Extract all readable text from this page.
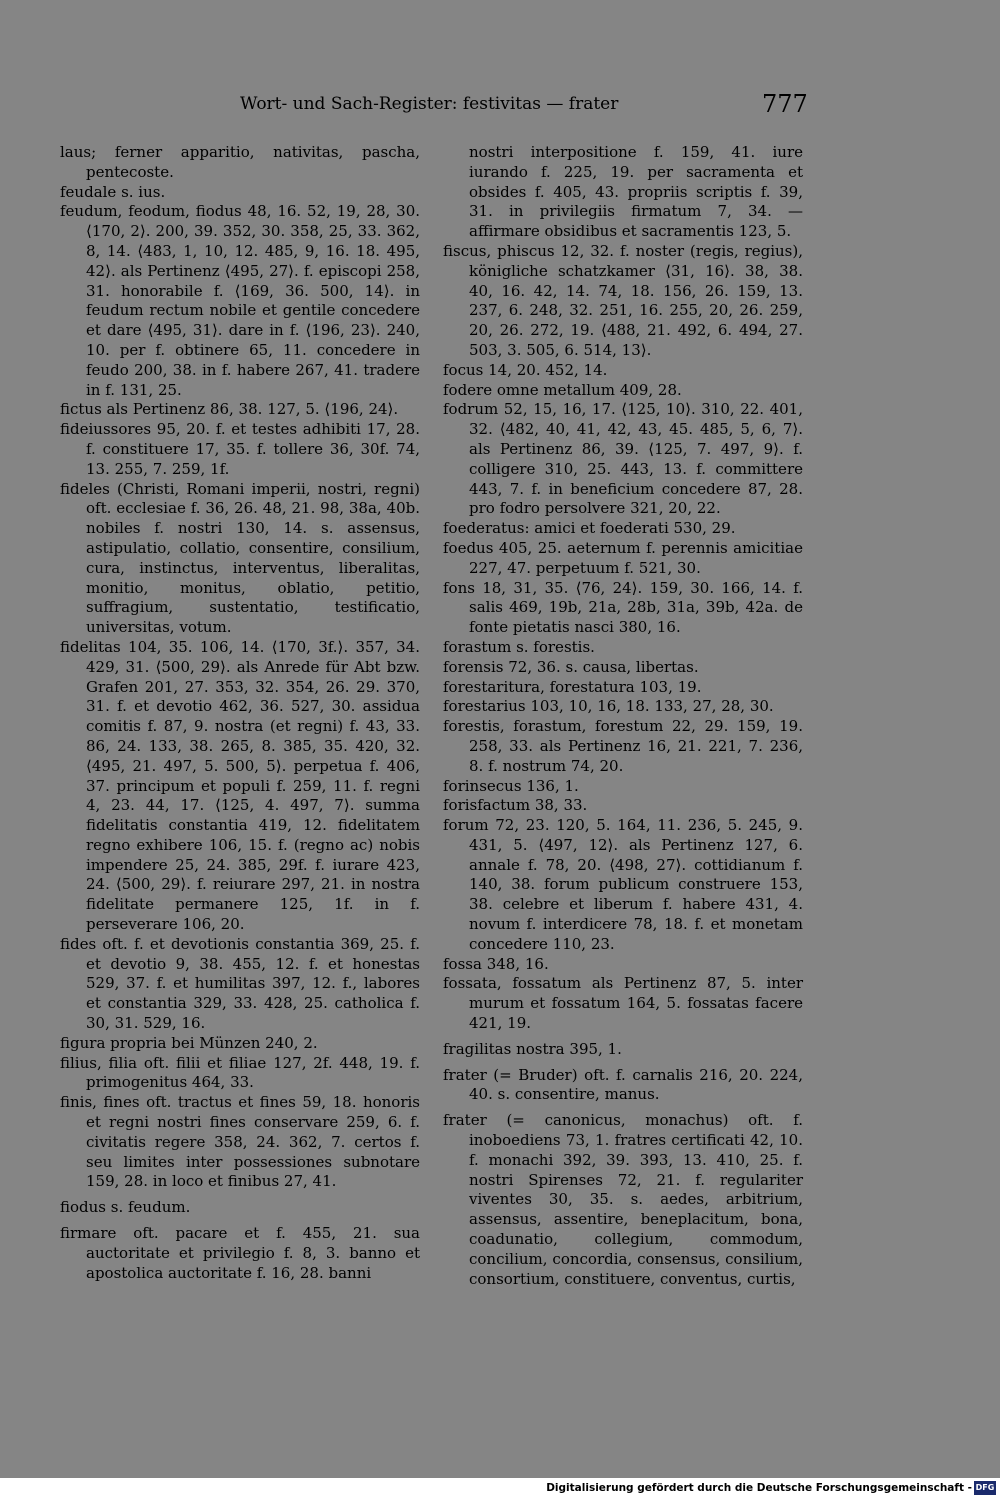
Wort- und Sach-Register: festivitas — frater	777

laus; ferner apparitio, nativitas, pascha, pentecoste.

feudale s. ius.

feudum, feodum, fiodus 48, 16. 52, 19, 28, 30. ⟨170, 2⟩. 200, 39. 352, 30. 358, 25, 33. 362, 8, 14. ⟨483, 1, 10, 12. 485, 9, 16. 18. 495, 42⟩. als Pertinenz ⟨495, 27⟩. f. episcopi 258, 31. honorabile f. ⟨169, 36. 500, 14⟩. in feudum rectum nobile et gentile concedere et dare ⟨495, 31⟩. dare in f. ⟨196, 23⟩. 240, 10. per f. obtinere 65, 11. concedere in feudo 200, 38. in f. habere 267, 41. tradere in f. 131, 25.

fictus als Pertinenz 86, 38. 127, 5. ⟨196, 24⟩.

fideiussores 95, 20. f. et testes adhibiti 17, 28. f. constituere 17, 35. f. tollere 36, 30f. 74, 13. 255, 7. 259, 1f.

fideles (Christi, Romani imperii, nostri, regni) oft. ecclesiae f. 36, 26. 48, 21. 98, 38a, 40b. nobiles f. nostri 130, 14. s. assensus, astipulatio, collatio, consentire, consilium, cura, instinctus, interventus, liberalitas, monitio, monitus, oblatio, petitio, suffragium, sustentatio, testificatio, universitas, votum.

fidelitas 104, 35. 106, 14. ⟨170, 3f.⟩. 357, 34. 429, 31. ⟨500, 29⟩. als Anrede für Abt bzw. Grafen 201, 27. 353, 32. 354, 26. 29. 370, 31. f. et devotio 462, 36. 527, 30. assidua comitis f. 87, 9. nostra (et regni) f. 43, 33. 86, 24. 133, 38. 265, 8. 385, 35. 420, 32. ⟨495, 21. 497, 5. 500, 5⟩. perpetua f. 406, 37. principum et populi f. 259, 11. f. regni 4, 23. 44, 17. ⟨125, 4. 497, 7⟩. summa fidelitatis constantia 419, 12. fidelitatem regno exhibere 106, 15. f. (regno ac) nobis impendere 25, 24. 385, 29f. f. iurare 423, 24. ⟨500, 29⟩. f. reiurare 297, 21. in nostra fidelitate permanere 125, 1f. in f. perseverare 106, 20.

fides oft. f. et devotionis constantia 369, 25. f. et devotio 9, 38. 455, 12. f. et honestas 529, 37. f. et humilitas 397, 12. f., labores et constantia 329, 33. 428, 25. catholica f. 30, 31. 529, 16.

figura propria bei Münzen 240, 2.

filius, filia oft. filii et filiae 127, 2f. 448, 19. f. primogenitus 464, 33.

finis, fines oft. tractus et fines 59, 18. honoris et regni nostri fines conservare 259, 6. f. civitatis regere 358, 24. 362, 7. certos f. seu limites inter possessiones subnotare 159, 28. in loco et finibus 27, 41.

fiodus s. feudum.

firmare oft. pacare et f. 455, 21. sua auctoritate et privilegio f. 8, 3. banno et apostolica auctoritate f. 16, 28. banni

nostri interpositione f. 159, 41. iure iurando f. 225, 19. per sacramenta et obsides f. 405, 43. propriis scriptis f. 39, 31. in privilegiis firmatum 7, 34. — affirmare obsidibus et sacramentis 123, 5.

fiscus, phiscus 12, 32. f. noster (regis, regius), königliche schatzkamer ⟨31, 16⟩. 38, 38. 40, 16. 42, 14. 74, 18. 156, 26. 159, 13. 237, 6. 248, 32. 251, 16. 255, 20, 26. 259, 20, 26. 272, 19. ⟨488, 21. 492, 6. 494, 27. 503, 3. 505, 6. 514, 13⟩.

focus 14, 20. 452, 14.

fodere omne metallum 409, 28.

fodrum 52, 15, 16, 17. ⟨125, 10⟩. 310, 22. 401, 32. ⟨482, 40, 41, 42, 43, 45. 485, 5, 6, 7⟩. als Pertinenz 86, 39. ⟨125, 7. 497, 9⟩. f. colligere 310, 25. 443, 13. f. committere 443, 7. f. in beneficium concedere 87, 28. pro fodro persolvere 321, 20, 22.

foederatus: amici et foederati 530, 29.

foedus 405, 25. aeternum f. perennis amicitiae 227, 47. perpetuum f. 521, 30.

fons 18, 31, 35. ⟨76, 24⟩. 159, 30. 166, 14. f. salis 469, 19b, 21a, 28b, 31a, 39b, 42a. de fonte pietatis nasci 380, 16.

forastum s. forestis.

forensis 72, 36. s. causa, libertas.

forestaritura, forestatura 103, 19.

forestarius 103, 10, 16, 18. 133, 27, 28, 30.

forestis, forastum, forestum 22, 29. 159, 19. 258, 33. als Pertinenz 16, 21. 221, 7. 236, 8. f. nostrum 74, 20.

forinsecus 136, 1.

forisfactum 38, 33.

forum 72, 23. 120, 5. 164, 11. 236, 5. 245, 9. 431, 5. ⟨497, 12⟩. als Pertinenz 127, 6. annale f. 78, 20. ⟨498, 27⟩. cottidianum f. 140, 38. forum publicum construere 153, 38. celebre et liberum f. habere 431, 4. novum f. interdicere 78, 18. f. et monetam concedere 110, 23.

fossa 348, 16.

fossata, fossatum als Pertinenz 87, 5. inter murum et fossatum 164, 5. fossatas facere 421, 19.

fragilitas nostra 395, 1.

frater (= Bruder) oft. f. carnalis 216, 20. 224, 40. s. consentire, manus.

frater (= canonicus, monachus) oft. f. inoboediens 73, 1. fratres certificati 42, 10. f. monachi 392, 39. 393, 13. 410, 25. f. nostri Spirenses 72, 21. f. regulariter viventes 30, 35. s. aedes, arbitrium, assensus, assentire, beneplacitum, bona, coadunatio, collegium, commodum, concilium, concordia, consensus, consilium, consortium, constituere, conventus, curtis,

Digitalisierung gefördert durch die Deutsche Forschungsgemeinschaft - DFG
